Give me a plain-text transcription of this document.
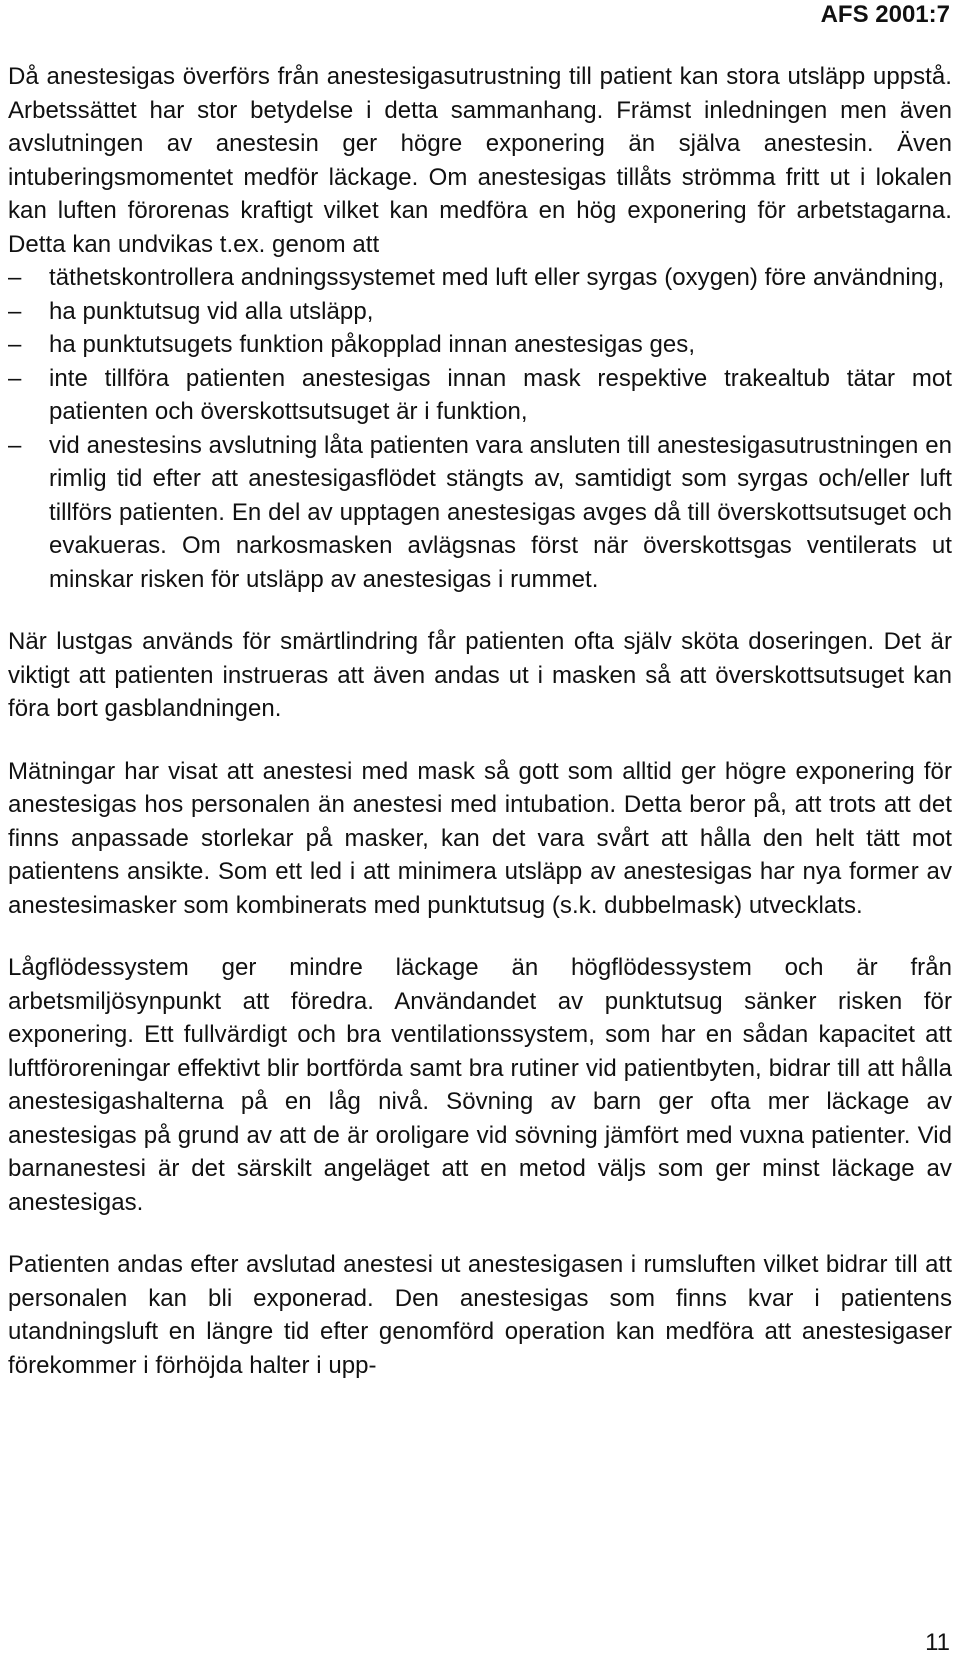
AFS 2001:7

Då anestesigas överförs från anestesigasutrustning till patient kan stora utsläpp uppstå. Arbetssättet har stor betydelse i detta sammanhang. Främst inledningen men även avslutningen av anestesin ger högre exponering än själva anestesin. Även intuberingsmomentet medför läckage. Om anestesigas tillåts strömma fritt ut i lokalen kan luften förorenas kraftigt vilket kan medföra en hög exponering för arbetstagarna. Detta kan undvikas t.ex. genom att

– täthetskontrollera andningssystemet med luft eller syrgas (oxygen) före användning,
– ha punktutsug vid alla utsläpp,
– ha punktutsugets funktion påkopplad innan anestesigas ges,
– inte tillföra patienten anestesigas innan mask respektive trakealtub tätar mot patienten och överskottsutsuget är i funktion,
– vid anestesins avslutning låta patienten vara ansluten till anestesigasutrustningen en rimlig tid efter att anestesigasflödet stängts av, samtidigt som syrgas och/eller luft tillförs patienten. En del av upptagen anestesigas avges då till överskottsutsuget och evakueras. Om narkosmasken avlägsnas först när överskottsgas ventilerats ut minskar risken för utsläpp av anestesigas i rummet.

När lustgas används för smärtlindring får patienten ofta själv sköta doseringen. Det är viktigt att patienten instrueras att även andas ut i masken så att överskottsutsuget kan föra bort gasblandningen.

Mätningar har visat att anestesi med mask så gott som alltid ger högre exponering för anestesigas hos personalen än anestesi med intubation. Detta beror på, att trots att det finns anpassade storlekar på masker, kan det vara svårt att hålla den helt tätt mot patientens ansikte. Som ett led i att minimera utsläpp av anestesigas har nya former av anestesimasker som kombinerats med punktutsug (s.k. dubbelmask) utvecklats.

Lågflödessystem ger mindre läckage än högflödessystem och är från arbetsmiljösynpunkt att föredra. Användandet av punktutsug sänker risken för exponering. Ett fullvärdigt och bra ventilationssystem, som har en sådan kapacitet att luftföroreningar effektivt blir bortförda samt bra rutiner vid patientbyten, bidrar till att hålla anestesigashalterna på en låg nivå. Sövning av barn ger ofta mer läckage av anestesigas på grund av att de är oroligare vid sövning jämfört med vuxna patienter. Vid barnanestesi är det särskilt angeläget att en metod väljs som ger minst läckage av anestesigas.

Patienten andas efter avslutad anestesi ut anestesigasen i rumsluften vilket bidrar till att personalen kan bli exponerad. Den anestesigas som finns kvar i patientens utandningsluft en längre tid efter genomförd operation kan medföra att anestesigaser förekommer i förhöjda halter i upp-

11
